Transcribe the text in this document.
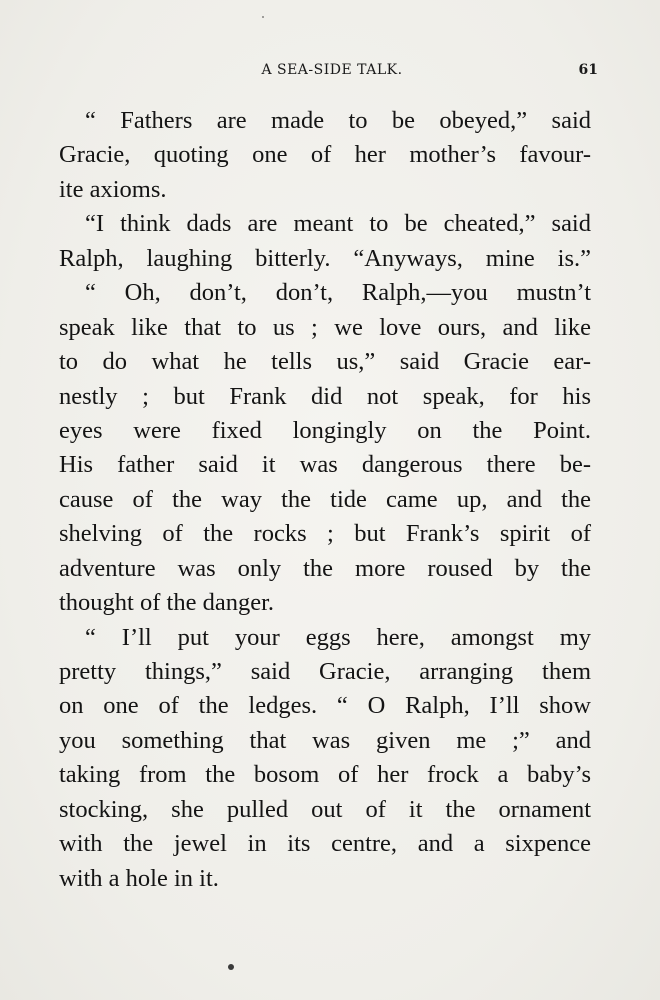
A SEA-SIDE TALK.	61
“ Fathers are made to be obeyed,” said
Gracie, quoting one of her mother’s favour-
ite axioms.
“I think dads are meant to be cheated,” said
Ralph, laughing bitterly. “Anyways, mine is.”
“ Oh, don’t, don’t, Ralph,—you mustn’t
speak like that to us ; we love ours, and like
to do what he tells us,” said Gracie ear-
nestly ; but Frank did not speak, for his
eyes were fixed longingly on the Point.
His father said it was dangerous there be-
cause of the way the tide came up, and the
shelving of the rocks ; but Frank’s spirit of
adventure was only the more roused by the
thought of the danger.
“ I’ll put your eggs here, amongst my
pretty things,” said Gracie, arranging them
on one of the ledges. “ O Ralph, I’ll show
you something that was given me ;” and
taking from the bosom of her frock a baby’s
stocking, she pulled out of it the ornament
with the jewel in its centre, and a sixpence
with a hole in it.
